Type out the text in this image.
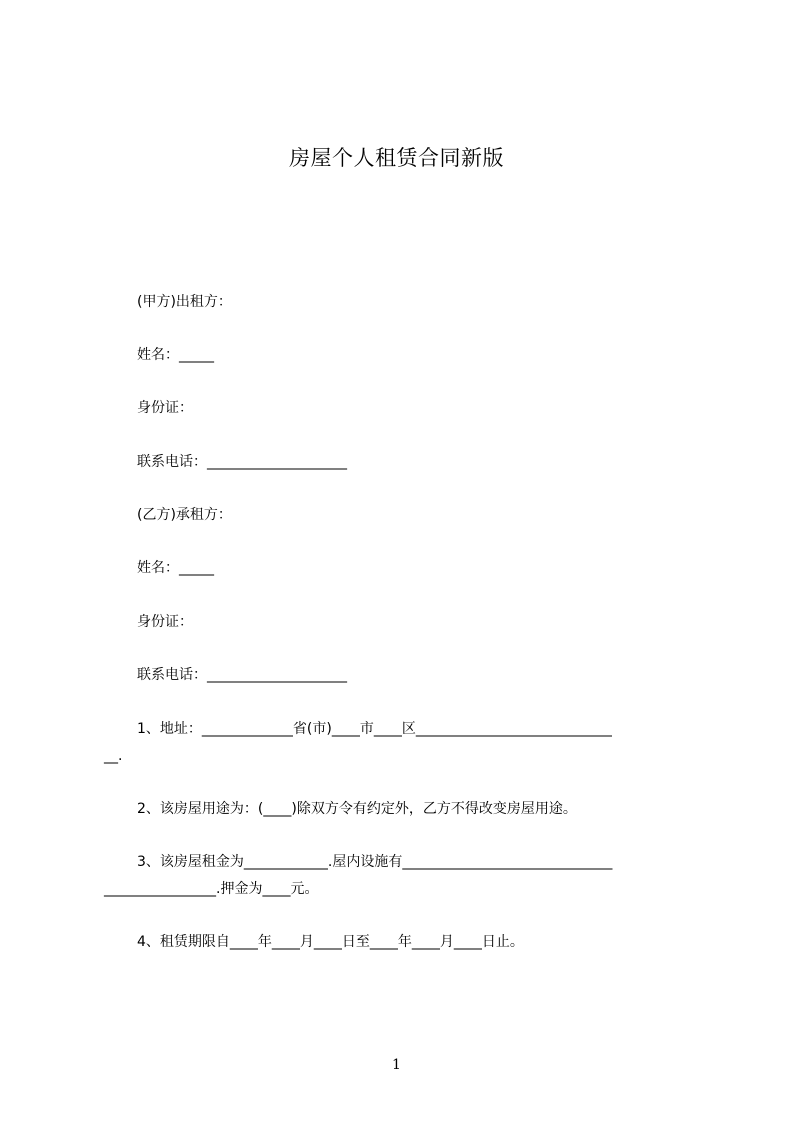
房屋个人租赁合同新版
(甲方)出租方：
姓名：_____
身份证：
联系电话：____________________
(乙方)承租方：
姓名：_____
身份证：
联系电话：____________________
1、地址：_____________省(市)____市____区____________________________
__.
2、该房屋用途为：(____)除双方令有约定外，乙方不得改变房屋用途。
3、该房屋租金为____________.屋内设施有______________________________
________________.押金为____元。
4、租赁期限自____年____月____日至____年____月____日止。
1
